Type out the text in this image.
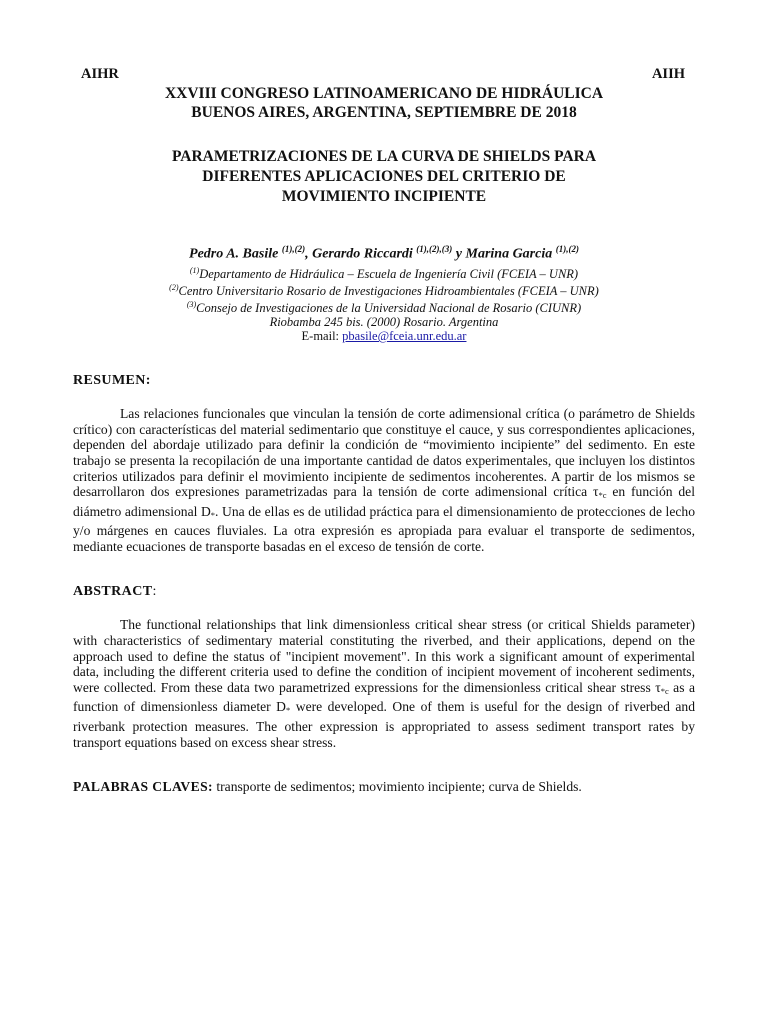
AIHR	AIIH
XXVIII CONGRESO LATINOAMERICANO DE HIDRÁULICA
BUENOS AIRES, ARGENTINA, SEPTIEMBRE DE 2018
PARAMETRIZACIONES DE LA CURVA DE SHIELDS PARA
DIFERENTES APLICACIONES DEL CRITERIO DE
MOVIMIENTO INCIPIENTE
Pedro A. Basile $^{(1),(2)}$, Gerardo Riccardi $^{(1),(2),(3)}$ y Marina Garcia $^{(1),(2)}$
$^{(1)}$Departamento de Hidráulica – Escuela de Ingeniería Civil (FCEIA – UNR)
$^{(2)}$Centro Universitario Rosario de Investigaciones Hidroambientales (FCEIA – UNR)
$^{(3)}$Consejo de Investigaciones de la Universidad Nacional de Rosario (CIUNR)
Riobamba 245 bis. (2000) Rosario. Argentina
E-mail: pbasile@fceia.unr.edu.ar
RESUMEN:
Las relaciones funcionales que vinculan la tensión de corte adimensional crítica (o parámetro de Shields crítico) con características del material sedimentario que constituye el cauce, y sus correspondientes aplicaciones, dependen del abordaje utilizado para definir la condición de “movimiento incipiente” del sedimento. En este trabajo se presenta la recopilación de una importante cantidad de datos experimentales, que incluyen los distintos criterios utilizados para definir el movimiento incipiente de sedimentos incoherentes. A partir de los mismos se desarrollaron dos expresiones parametrizadas para la tensión de corte adimensional crítica $\tau_{*c}$ en función del diámetro adimensional $D_*$. Una de ellas es de utilidad práctica para el dimensionamiento de protecciones de lecho y/o márgenes en cauces fluviales. La otra expresión es apropiada para evaluar el transporte de sedimentos, mediante ecuaciones de transporte basadas en el exceso de tensión de corte.
ABSTRACT:
The functional relationships that link dimensionless critical shear stress (or critical Shields parameter) with characteristics of sedimentary material constituting the riverbed, and their applications, depend on the approach used to define the status of "incipient movement". In this work a significant amount of experimental data, including the different criteria used to define the condition of incipient movement of incoherent sediments, were collected. From these data two parametrized expressions for the dimensionless critical shear stress $\tau_{*c}$ as a function of dimensionless diameter $D_*$ were developed. One of them is useful for the design of riverbed and riverbank protection measures. The other expression is appropriated to assess sediment transport rates by transport equations based on excess shear stress.
PALABRAS CLAVES: transporte de sedimentos; movimiento incipiente; curva de Shields.
